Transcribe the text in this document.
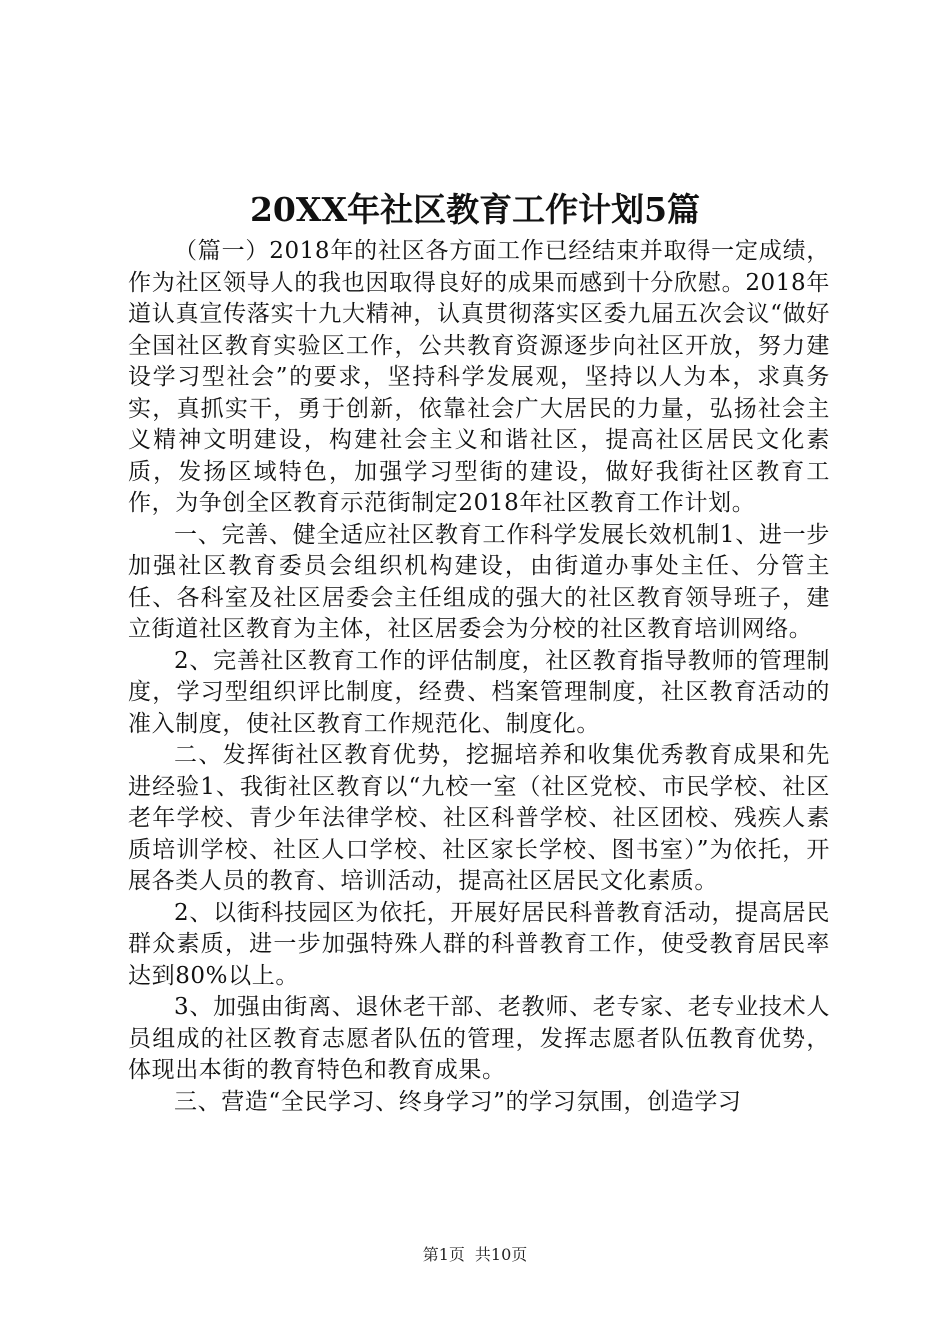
20XX年社区教育工作计划5篇

（篇一）2018年的社区各方面工作已经结束并取得一定成绩，作为社区领导人的我也因取得良好的成果而感到十分欣慰。2018年道认真宣传落实十九大精神，认真贯彻落实区委九届五次会议“做好全国社区教育实验区工作，公共教育资源逐步向社区开放，努力建设学习型社会”的要求，坚持科学发展观，坚持以人为本，求真务实，真抓实干，勇于创新，依靠社会广大居民的力量，弘扬社会主义精神文明建设，构建社会主义和谐社区，提高社区居民文化素质，发扬区域特色，加强学习型街的建设，做好我街社区教育工作，为争创全区教育示范街制定2018年社区教育工作计划。

一、完善、健全适应社区教育工作科学发展长效机制1、进一步加强社区教育委员会组织机构建设，由街道办事处主任、分管主任、各科室及社区居委会主任组成的强大的社区教育领导班子，建立街道社区教育为主体，社区居委会为分校的社区教育培训网络。

2、完善社区教育工作的评估制度，社区教育指导教师的管理制度，学习型组织评比制度，经费、档案管理制度，社区教育活动的准入制度，使社区教育工作规范化、制度化。

二、发挥街社区教育优势，挖掘培养和收集优秀教育成果和先进经验1、我街社区教育以“九校一室（社区党校、市民学校、社区老年学校、青少年法律学校、社区科普学校、社区团校、残疾人素质培训学校、社区人口学校、社区家长学校、图书室）”为依托，开展各类人员的教育、培训活动，提高社区居民文化素质。

2、以街科技园区为依托，开展好居民科普教育活动，提高居民群众素质，进一步加强特殊人群的科普教育工作，使受教育居民率达到80%以上。

3、加强由街离、退休老干部、老教师、老专家、老专业技术人员组成的社区教育志愿者队伍的管理，发挥志愿者队伍教育优势，体现出本街的教育特色和教育成果。

三、营造“全民学习、终身学习”的学习氛围，创造学习

第1页 共10页
